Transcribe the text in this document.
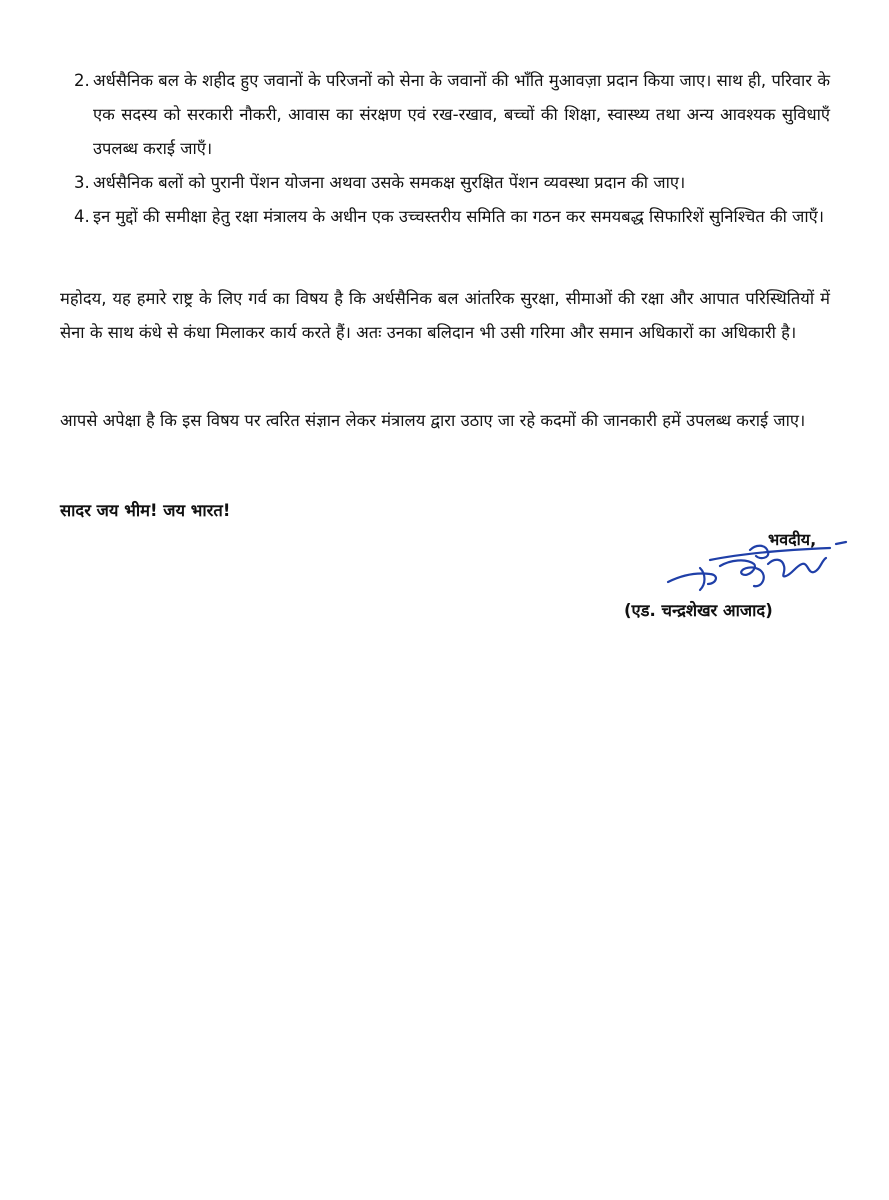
2. अर्धसैनिक बल के शहीद हुए जवानों के परिजनों को सेना के जवानों की भाँति मुआवज़ा प्रदान किया जाए। साथ ही, परिवार के एक सदस्य को सरकारी नौकरी, आवास का संरक्षण एवं रख-रखाव, बच्चों की शिक्षा, स्वास्थ्य तथा अन्य आवश्यक सुविधाएँ उपलब्ध कराई जाएँ।
3. अर्धसैनिक बलों को पुरानी पेंशन योजना अथवा उसके समकक्ष सुरक्षित पेंशन व्यवस्था प्रदान की जाए।
4. इन मुद्दों की समीक्षा हेतु रक्षा मंत्रालय के अधीन एक उच्चस्तरीय समिति का गठन कर समयबद्ध सिफारिशें सुनिश्चित की जाएँ।

महोदय, यह हमारे राष्ट्र के लिए गर्व का विषय है कि अर्धसैनिक बल आंतरिक सुरक्षा, सीमाओं की रक्षा और आपात परिस्थितियों में सेना के साथ कंधे से कंधा मिलाकर कार्य करते हैं। अतः उनका बलिदान भी उसी गरिमा और समान अधिकारों का अधिकारी है।

आपसे अपेक्षा है कि इस विषय पर त्वरित संज्ञान लेकर मंत्रालय द्वारा उठाए जा रहे कदमों की जानकारी हमें उपलब्ध कराई जाए।

सादर जय भीम! जय भारत!

भवदीय,

(एड. चन्द्रशेखर आजाद)
